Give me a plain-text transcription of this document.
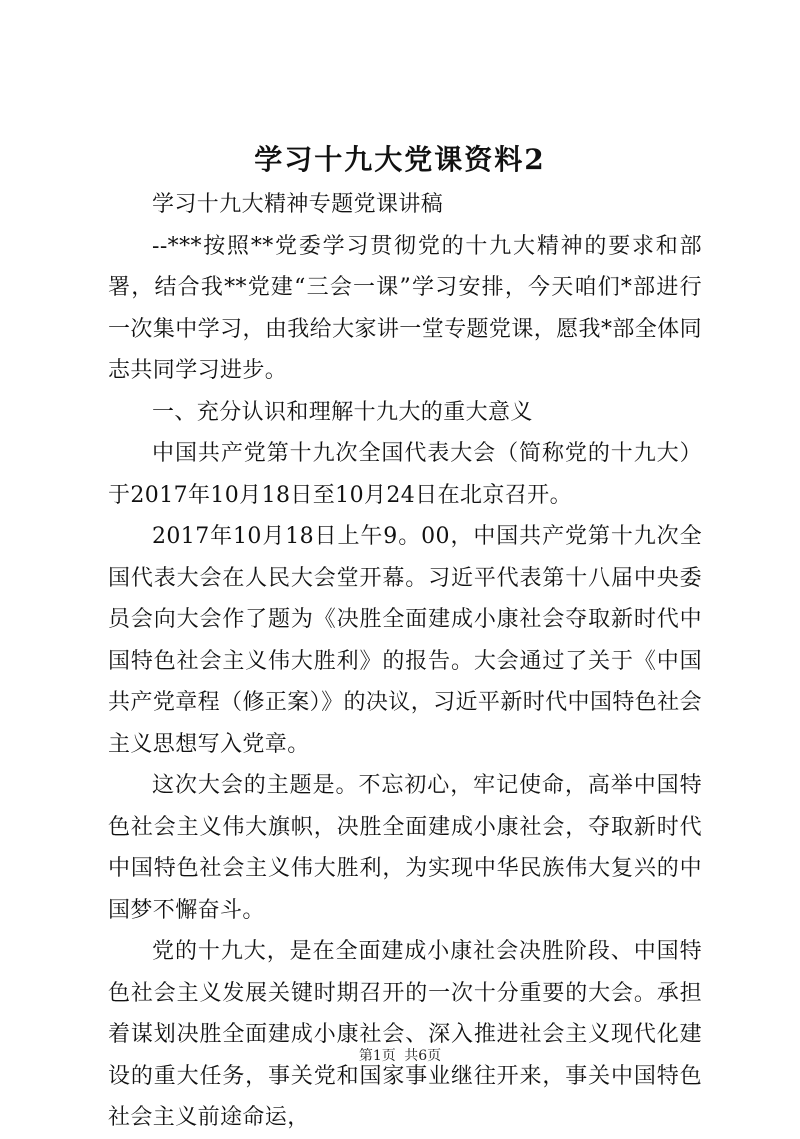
学习十九大党课资料2

学习十九大精神专题党课讲稿

--***按照**党委学习贯彻党的十九大精神的要求和部署，结合我**党建“三会一课”学习安排，今天咱们*部进行一次集中学习，由我给大家讲一堂专题党课，愿我*部全体同志共同学习进步。

一、充分认识和理解十九大的重大意义

中国共产党第十九次全国代表大会（简称党的十九大）于2017年10月18日至10月24日在北京召开。

2017年10月18日上午9。00，中国共产党第十九次全国代表大会在人民大会堂开幕。习近平代表第十八届中央委员会向大会作了题为《决胜全面建成小康社会夺取新时代中国特色社会主义伟大胜利》的报告。大会通过了关于《中国共产党章程（修正案）》的决议，习近平新时代中国特色社会主义思想写入党章。

这次大会的主题是。不忘初心，牢记使命，高举中国特色社会主义伟大旗帜，决胜全面建成小康社会，夺取新时代中国特色社会主义伟大胜利，为实现中华民族伟大复兴的中国梦不懈奋斗。

党的十九大，是在全面建成小康社会决胜阶段、中国特色社会主义发展关键时期召开的一次十分重要的大会。承担着谋划决胜全面建成小康社会、深入推进社会主义现代化建设的重大任务，事关党和国家事业继往开来，事关中国特色社会主义前途命运，

第1页 共6页
